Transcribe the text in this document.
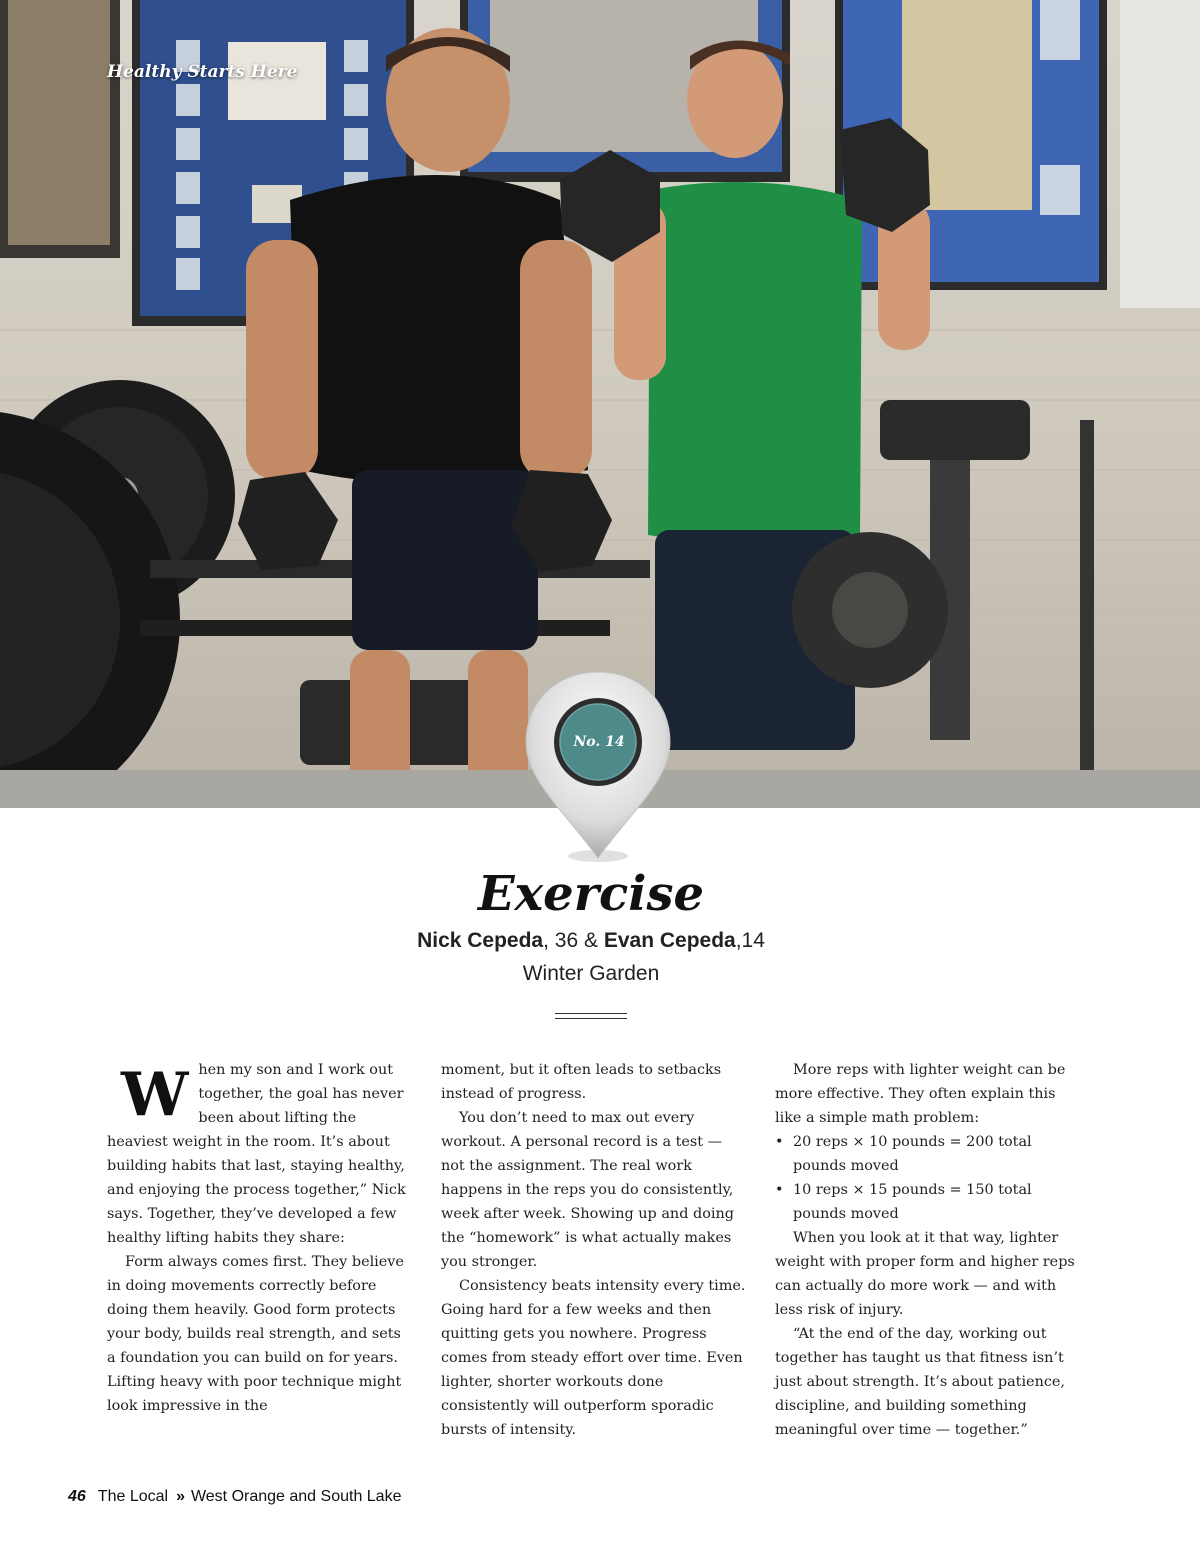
Healthy Starts Here
No. 14
Exercise
Nick Cepeda, 36 & Evan Cepeda,14
Winter Garden
W hen my son and I work out together, the goal has never been about lifting the heaviest weight in the room. It’s about building habits that last, staying healthy, and enjoying the process together,” Nick says. Together, they’ve developed a few healthy lifting habits they share:

Form always comes first. They believe in doing movements correctly before doing them heavily. Good form protects your body, builds real strength, and sets a foundation you can build on for years. Lifting heavy with poor technique might look impressive in the

moment, but it often leads to setbacks instead of progress.

You don’t need to max out every workout. A personal record is a test — not the assignment. The real work happens in the reps you do consistently, week after week. Showing up and doing the “homework” is what actually makes you stronger.

Consistency beats intensity every time. Going hard for a few weeks and then quitting gets you nowhere. Progress comes from steady effort over time. Even lighter, shorter workouts done consistently will outperform sporadic bursts of intensity.

More reps with lighter weight can be more effective. They often explain this like a simple math problem:

• 20 reps × 10 pounds = 200 total pounds moved
• 10 reps × 15 pounds = 150 total pounds moved

When you look at it that way, lighter weight with proper form and higher reps can actually do more work — and with less risk of injury.

“At the end of the day, working out together has taught us that fitness isn’t just about strength. It’s about patience, discipline, and building something meaningful over time — together.”

46 The Local » West Orange and South Lake
